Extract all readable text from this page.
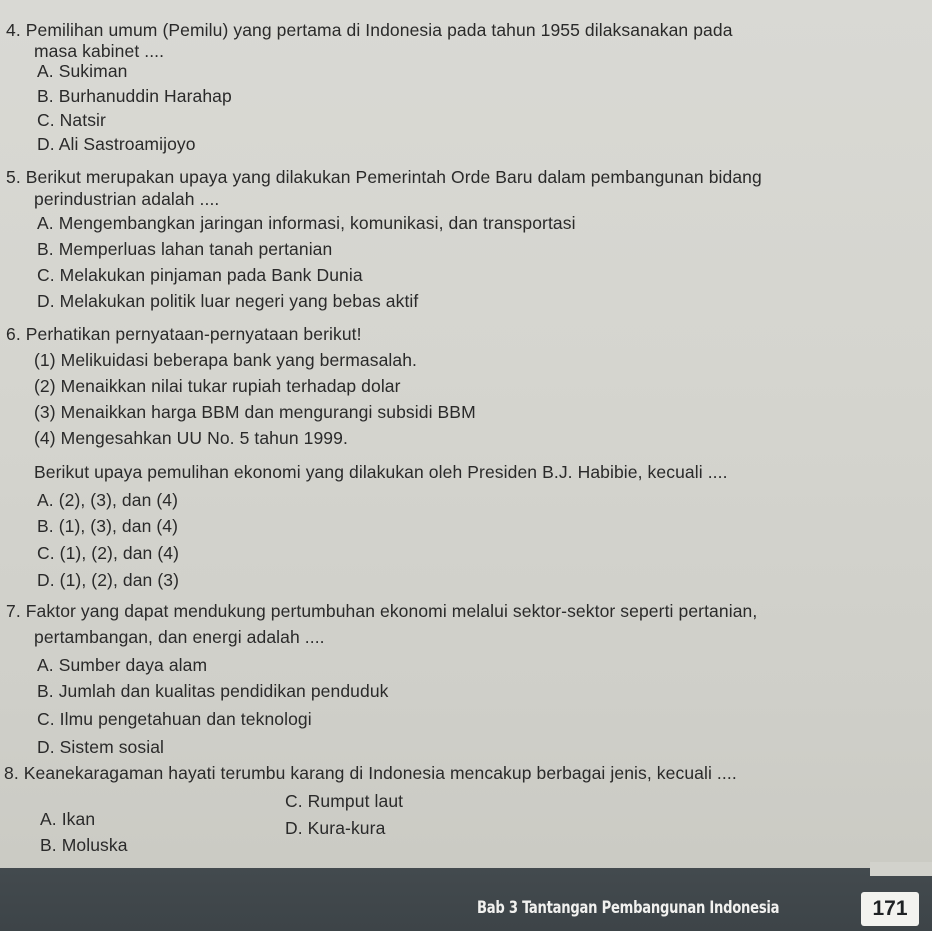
4. Pemilihan umum (Pemilu) yang pertama di Indonesia pada tahun 1955 dilaksanakan pada
masa kabinet ....
A. Sukiman
B. Burhanuddin Harahap
C. Natsir
D. Ali Sastroamijoyo
5. Berikut merupakan upaya yang dilakukan Pemerintah Orde Baru dalam pembangunan bidang
perindustrian adalah ....
A. Mengembangkan jaringan informasi, komunikasi, dan transportasi
B. Memperluas lahan tanah pertanian
C. Melakukan pinjaman pada Bank Dunia
D. Melakukan politik luar negeri yang bebas aktif
6. Perhatikan pernyataan-pernyataan berikut!
(1) Melikuidasi beberapa bank yang bermasalah.
(2) Menaikkan nilai tukar rupiah terhadap dolar
(3) Menaikkan harga BBM dan mengurangi subsidi BBM
(4) Mengesahkan UU No. 5 tahun 1999.
Berikut upaya pemulihan ekonomi yang dilakukan oleh Presiden B.J. Habibie, kecuali ....
A. (2), (3), dan (4)
B. (1), (3), dan (4)
C. (1), (2), dan (4)
D. (1), (2), dan (3)
7. Faktor yang dapat mendukung pertumbuhan ekonomi melalui sektor-sektor seperti pertanian,
pertambangan, dan energi adalah ....
A. Sumber daya alam
B. Jumlah dan kualitas pendidikan penduduk
C. Ilmu pengetahuan dan teknologi
D. Sistem sosial
8. Keanekaragaman hayati terumbu karang di Indonesia mencakup berbagai jenis, kecuali ....
A. Ikan
B. Moluska
C. Rumput laut
D. Kura-kura
Bab 3 Tantangan Pembangunan Indonesia	171
